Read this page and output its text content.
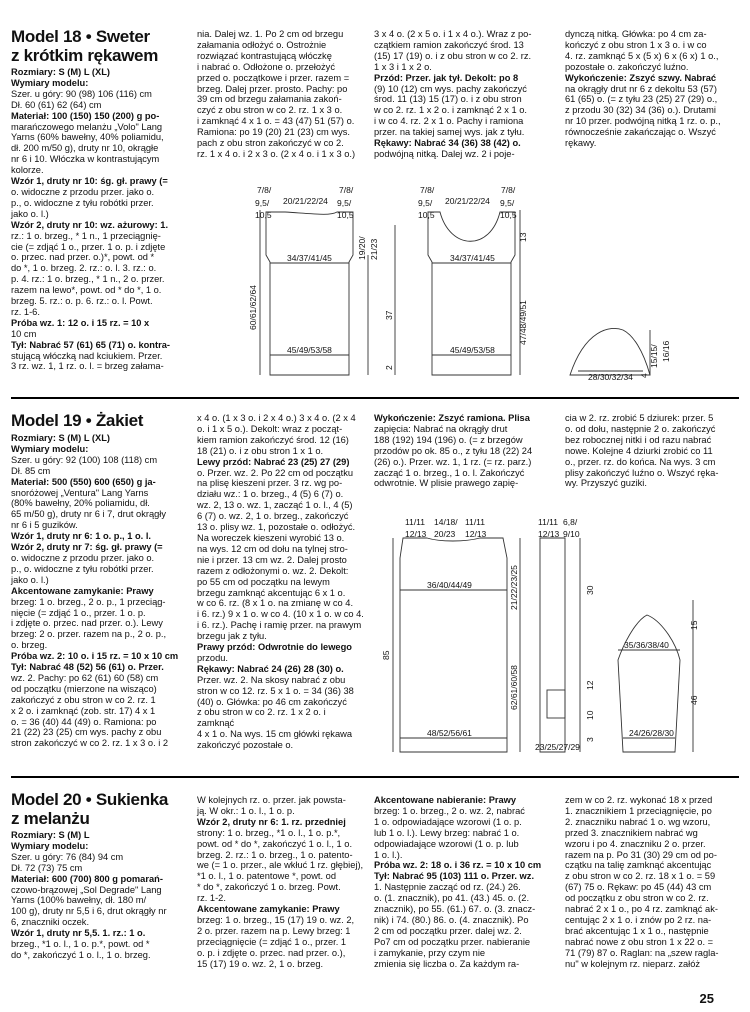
Model 18 • Sweter
z krótkim rękawem

Rozmiary: S (M) L (XL)

Wymiary modelu:

Szer. u góry: 90 (98) 106 (116) cm

Dł. 60 (61) 62 (64) cm

Materiał: 100 (150) 150 (200) g po-

marańczowego melanżu „Volo" Lang

Yarns (60% bawełny, 40% poliamidu,

dł. 200 m/50 g), druty nr 10, okrągłe

nr 6 i 10. Włóczka w kontrastującym

kolorze.

Wzór 1, druty nr 10: śg. gł. prawy (=

o. widoczne z przodu przer. jako o.

p., o. widoczne z tyłu robótki przer.

jako o. l.)

Wzór 2, druty nr 10: wz. ażurowy: 1.

rz.: 1 o. brzeg., * 1 n., 1 przeciągnię-

cie (= zdjąć 1 o., przer. 1 o. p. i zdjęte

o. przec. nad przer. o.)*, powt. od *

do *, 1 o. brzeg. 2. rz.: o. l. 3. rz.: o.

p. 4. rz.: 1 o. brzeg., * 1 n., 2 o. przer.

razem na lewo*, powt. od * do *, 1 o.

brzeg. 5. rz.: o. p. 6. rz.: o. l. Powt.

rz. 1-6.

Próba wz. 1: 12 o. i 15 rz. = 10 x

10 cm

Tył: Nabrać 57 (61) 65 (71) o. kontra-

stującą włóczką nad kciukiem. Przer.

3 rz. wz. 1, 1 rz. o. l. = brzeg załama-

nia. Dalej wz. 1. Po 2 cm od brzegu

załamania odłożyć o. Ostrożnie

rozwiązać kontrastującą włóczkę

i nabrać o. Odłożone o. przełożyć

przed o. początkowe i przer. razem =

brzeg. Dalej przer. prosto. Pachy: po

39 cm od brzegu załamania zakoń-

czyć z obu stron w co 2. rz. 1 x 3 o.

i zamknąć 4 x 1 o. = 43 (47) 51 (57) o.

Ramiona: po 19 (20) 21 (23) cm wys.

pach z obu stron zakończyć w co 2.

rz. 1 x 4 o. i 2 x 3 o. (2 x 4 o. i 1 x 3 o.)

3 x 4 o. (2 x 5 o. i 1 x 4 o.). Wraz z po-

czątkiem ramion zakończyć środ. 13

(15) 17 (19) o. i z obu stron w co 2. rz.

1 x 3 i 1 x 2 o.

Przód: Przer. jak tył. Dekolt: po 8

(9) 10 (12) cm wys. pachy zakończyć

środ. 11 (13) 15 (17) o. i z obu stron

w co 2. rz. 1 x 2 o. i zamknąć 2 x 1 o.

i w co 4. rz. 2 x 1 o. Pachy i ramiona

przer. na takiej samej wys. jak z tyłu.

Rękawy: Nabrać 34 (36) 38 (42) o.

podwójną nitką. Dalej wz. 2 i poje-

dynczą nitką. Główka: po 4 cm za-

kończyć z obu stron 1 x 3 o. i w co

4. rz. zamknąć 5 x (5 x) 6 x (6 x) 1 o.,

pozostałe o. zakończyć luźno.

Wykończenie: Zszyć szwy. Nabrać

na okrągły drut nr 6 z dekoltu 53 (57)

61 (65) o. (= z tyłu 23 (25) 27 (29) o.,

z przodu 30 (32) 34 (36) o.). Drutami

nr 10 przer. podwójną nitką 1 rz. o. p.,

równocześnie zakańczając o. Wszyć

rękawy.

7/8/	7/8/
20/21/22/24
9,5/	9,5/
10,5	10,5
34/37/41/45
45/49/53/58
60/61/62/64
19/20/ 21/23
37
2
7/8/	7/8/
20/21/22/24
9,5/	9,5/
10,5	10,5
34/37/41/45
45/49/53/58
13
47/48/49/51
28/30/32/34
15/15/ 16/16
4
Model 19 • Żakiet

Rozmiary: S (M) L (XL)

Wymiary modelu:

Szer. u góry: 92 (100) 108 (118) cm

Dł. 85 cm

Materiał: 500 (550) 600 (650) g ja-

snoróżowej „Ventura" Lang Yarns

(80% bawełny, 20% poliamidu, dł.

65 m/50 g), druty nr 6 i 7, drut okrągły

nr 6 i 5 guzików.

Wzór 1, druty nr 6: 1 o. p., 1 o. l.

Wzór 2, druty nr 7: śg. gł. prawy (=

o. widoczne z przodu przer. jako o.

p., o. widoczne z tyłu robótki przer.

jako o. l.)

Akcentowane zamykanie: Prawy

brzeg: 1 o. brzeg., 2 o. p., 1 przeciąg-

nięcie (= zdjąć 1 o., przer. 1 o. p.

i zdjęte o. przec. nad przer. o.). Lewy

brzeg: 2 o. przer. razem na p., 2 o. p.,

o. brzeg.

Próba wz. 2: 10 o. i 15 rz. = 10 x 10 cm

Tył: Nabrać 48 (52) 56 (61) o. Przer.

wz. 2. Pachy: po 62 (61) 60 (58) cm

od początku (mierzone na wisząco)

zakończyć z obu stron w co 2. rz. 1

x 2 o. i zamknąć (zob. str. 17) 4 x 1

o. = 36 (40) 44 (49) o. Ramiona: po

21 (22) 23 (25) cm wys. pachy z obu

stron zakończyć w co 2. rz. 1 x 3 o. i 2

x 4 o. (1 x 3 o. i 2 x 4 o.) 3 x 4 o. (2 x 4

o. i 1 x 5 o.). Dekolt: wraz z począt-

kiem ramion zakończyć środ. 12 (16)

18 (21) o. i z obu stron 1 x 1 o.

Lewy przód: Nabrać 23 (25) 27 (29)

o. Przer. wz. 2. Po 22 cm od początku

na plisę kieszeni przer. 3 rz. wg po-

działu wz.: 1 o. brzeg., 4 (5) 6 (7) o.

wz. 2, 13 o. wz. 1, zacząć 1 o. l., 4 (5)

6 (7) o. wz. 2, 1 o. brzeg., zakończyć

13 o. plisy wz. 1, pozostałe o. odłożyć.

Na woreczek kieszeni wyrobić 13 o.

na wys. 12 cm od dołu na tylnej stro-

nie i przer. 13 cm wz. 2. Dalej prosto

razem z odłożonymi o. wz. 2. Dekolt:

po 55 cm od początku na lewym

brzegu zamknąć akcentując 6 x 1 o.

w co 6. rz. (8 x 1 o. na zmianę w co 4.

i 6. rz.) 9 x 1 o. w co 4. (10 x 1 o. w co 4.

i 6. rz.). Pachę i ramię przer. na prawym

brzegu jak z tyłu.

Prawy przód: Odwrotnie do lewego

przodu.

Rękawy: Nabrać 24 (26) 28 (30) o.

Przer. wz. 2. Na skosy nabrać z obu

stron w co 12. rz. 5 x 1 o. = 34 (36) 38

(40) o. Główka: po 46 cm zakończyć

z obu stron w co 2. rz. 1 x 2 o. i zamknąć

4 x 1 o. Na wys. 15 cm główki rękawa

zakończyć pozostałe o.

Wykończenie: Zszyć ramiona. Plisa

zapięcia: Nabrać na okrągły drut

188 (192) 194 (196) o. (= z brzegów

przodów po ok. 85 o., z tyłu 18 (22) 24

(26) o.). Przer. wz. 1, 1 rz. (= rz. parz.)

zacząć 1 o. brzeg., 1 o. l. Zakończyć

odwrotnie. W plisie prawego zapię-

cia w 2. rz. zrobić 5 dziurek: przer. 5

o. od dołu, następnie 2 o. zakończyć

bez robocznej nitki i od razu nabrać

nowe. Kolejne 4 dziurki zrobić co 11

o., przer. rz. do końca. Na wys. 3 cm

plisy zakończyć luźno o. Wszyć ręka-

wy. Przyszyć guziki.

11/11 14/18/ 11/11
12/13 20/23 12/13
36/40/44/49
48/52/56/61
85
21/22/23/25
62/61/60/58
11/11 6,8/
12/13 9/10
30
23/25/27/29
12
10
3
35/36/38/40
24/26/28/30
15
46
Model 20 • Sukienka
z melanżu

Rozmiary: S (M) L

Wymiary modelu:

Szer. u góry: 76 (84) 94 cm

Dł. 72 (73) 75 cm

Materiał: 600 (700) 800 g pomarań-

czowo-brązowej „Sol Degrade" Lang

Yarns (100% bawełny, dł. 180 m/

100 g), druty nr 5,5 i 6, drut okrągły nr

6, znaczniki oczek.

Wzór 1, druty nr 5,5. 1. rz.: 1 o.

brzeg., *1 o. l., 1 o. p.*, powt. od *

do *, zakończyć 1 o. l., 1 o. brzeg.

W kolejnych rz. o. przer. jak powsta-

ją. W okr.: 1 o. l., 1 o. p.

Wzór 2, druty nr 6: 1. rz. przedniej

strony: 1 o. brzeg., *1 o. l., 1 o. p.*,

powt. od * do *, zakończyć 1 o. l., 1 o.

brzeg. 2. rz.: 1 o. brzeg., 1 o. patento-

we (= 1 o. przer., ale wkłuć 1 rz. głębiej),

*1 o. l., 1 o. patentowe *, powt. od

* do *, zakończyć 1 o. brzeg. Powt.

rz. 1-2.

Akcentowane zamykanie: Prawy

brzeg: 1 o. brzeg., 15 (17) 19 o. wz. 2,

2 o. przer. razem na p. Lewy brzeg: 1

przeciągnięcie (= zdjąć 1 o., przer. 1

o. p. i zdjęte o. przec. nad przer. o.),

15 (17) 19 o. wz. 2, 1 o. brzeg.

Akcentowane nabieranie: Prawy

brzeg: 1 o. brzeg., 2 o. wz. 2, nabrać

1 o. odpowiadające wzorowi (1 o. p.

lub 1 o. l.). Lewy brzeg: nabrać 1 o.

odpowiadające wzorowi (1 o. p. lub

1 o. l.).

Próba wz. 2: 18 o. i 36 rz. = 10 x 10 cm

Tył: Nabrać 95 (103) 111 o. Przer. wz.

1. Następnie zacząć od rz. (24.) 26.

o. (1. znacznik), po 41. (43.) 45. o. (2.

znacznik), po 55. (61.) 67. o. (3. znacz-

nik) i 74. (80.) 86. o. (4. znacznik). Po

2 cm od początku przer. dalej wz. 2.

Po7 cm od początku przer. nabieranie

i zamykanie, przy czym nie

zmienia się liczba o. Za każdym ra-

zem w co 2. rz. wykonać 18 x przed

1. znacznikiem 1 przeciągnięcie, po

2. znaczniku nabrać 1 o. wg wzoru,

przed 3. znacznikiem nabrać wg

wzoru i po 4. znaczniku 2 o. przer.

razem na p. Po 31 (30) 29 cm od po-

czątku na talię zamknąć akcentując

z obu stron w co 2. rz. 18 x 1 o. = 59

(67) 75 o. Rękaw: po 45 (44) 43 cm

od początku z obu stron w co 2. rz.

nabrać 2 x 1 o., po 4 rz. zamknąć ak-

centując 2 x 1 o. i znów po 2 rz. na-

brać akcentując 1 x 1 o., następnie

nabrać nowe z obu stron 1 x 22 o. =

71 (79) 87 o. Raglan: na „szew ragla-

nu" w kolejnym rz. nieparz. załóż

25
